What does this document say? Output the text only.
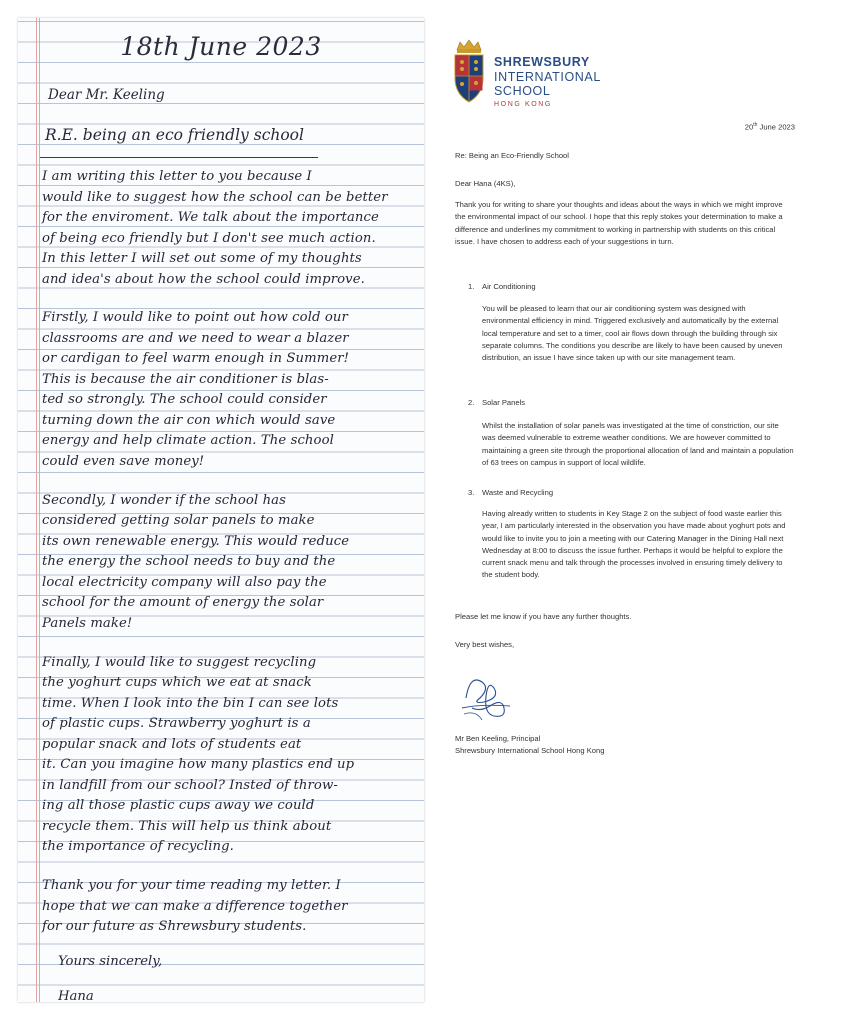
18th June 2023
Dear Mr. Keeling
R.E. being an eco friendly school
I am writing this letter to you because I
would like to suggest how the school can be better
for the enviroment. We talk about the importance
of being eco friendly but I don't see much action.
In this letter I will set out some of my thoughts
and idea's about how the school could improve.
Firstly, I would like to point out how cold our
classrooms are and we need to wear a blazer
or cardigan to feel warm enough in Summer!
This is because the air conditioner is blas-
ted so strongly. The school could consider
turning down the air con which would save
energy and help climate action. The school
could even save money!
Secondly, I wonder if the school has
considered getting solar panels to make
its own renewable energy. This would reduce
the energy the school needs to buy and the
local electricity company will also pay the
school for the amount of energy the solar
Panels make!
Finally, I would like to suggest recycling
the yoghurt cups which we eat at snack
time. When I look into the bin I can see lots
of plastic cups. Strawberry yoghurt is a
popular snack and lots of students eat
it. Can you imagine how many plastics end up
in landfill from our school? Insted of throw-
ing all those plastic cups away we could
recycle them. This will help us think about
the importance of recycling.
Thank you for your time reading my letter. I
hope that we can make a difference together
for our future as Shrewsbury students.
Yours sincerely,
Hana
SHREWSBURY
INTERNATIONAL
SCHOOL
HONG KONG
20th June 2023
Re: Being an Eco-Friendly School
Dear Hana (4KS),
Thank you for writing to share your thoughts and ideas about the ways in which we might improve the environmental impact of our school. I hope that this reply stokes your determination to make a difference and underlines my commitment to working in partnership with students on this critical issue. I have chosen to address each of your suggestions in turn.
1. Air Conditioning
You will be pleased to learn that our air conditioning system was designed with environmental efficiency in mind. Triggered exclusively and automatically by the external local temperature and set to a timer, cool air flows down through the building through six separate columns. The conditions you describe are likely to have been caused by uneven distribution, an issue I have since taken up with our site management team.
2. Solar Panels
Whilst the installation of solar panels was investigated at the time of constriction, our site was deemed vulnerable to extreme weather conditions. We are however committed to maintaining a green site through the proportional allocation of land and maintain a population of 63 trees on campus in support of local wildlife.
3. Waste and Recycling
Having already written to students in Key Stage 2 on the subject of food waste earlier this year, I am particularly interested in the observation you have made about yoghurt pots and would like to invite you to join a meeting with our Catering Manager in the Dining Hall next Wednesday at 8:00 to discuss the issue further. Perhaps it would be helpful to explore the current snack menu and talk through the processes involved in ensuring timely delivery to the student body.
Please let me know if you have any further thoughts.
Very best wishes,
Mr Ben Keeling, Principal
Shrewsbury International School Hong Kong
